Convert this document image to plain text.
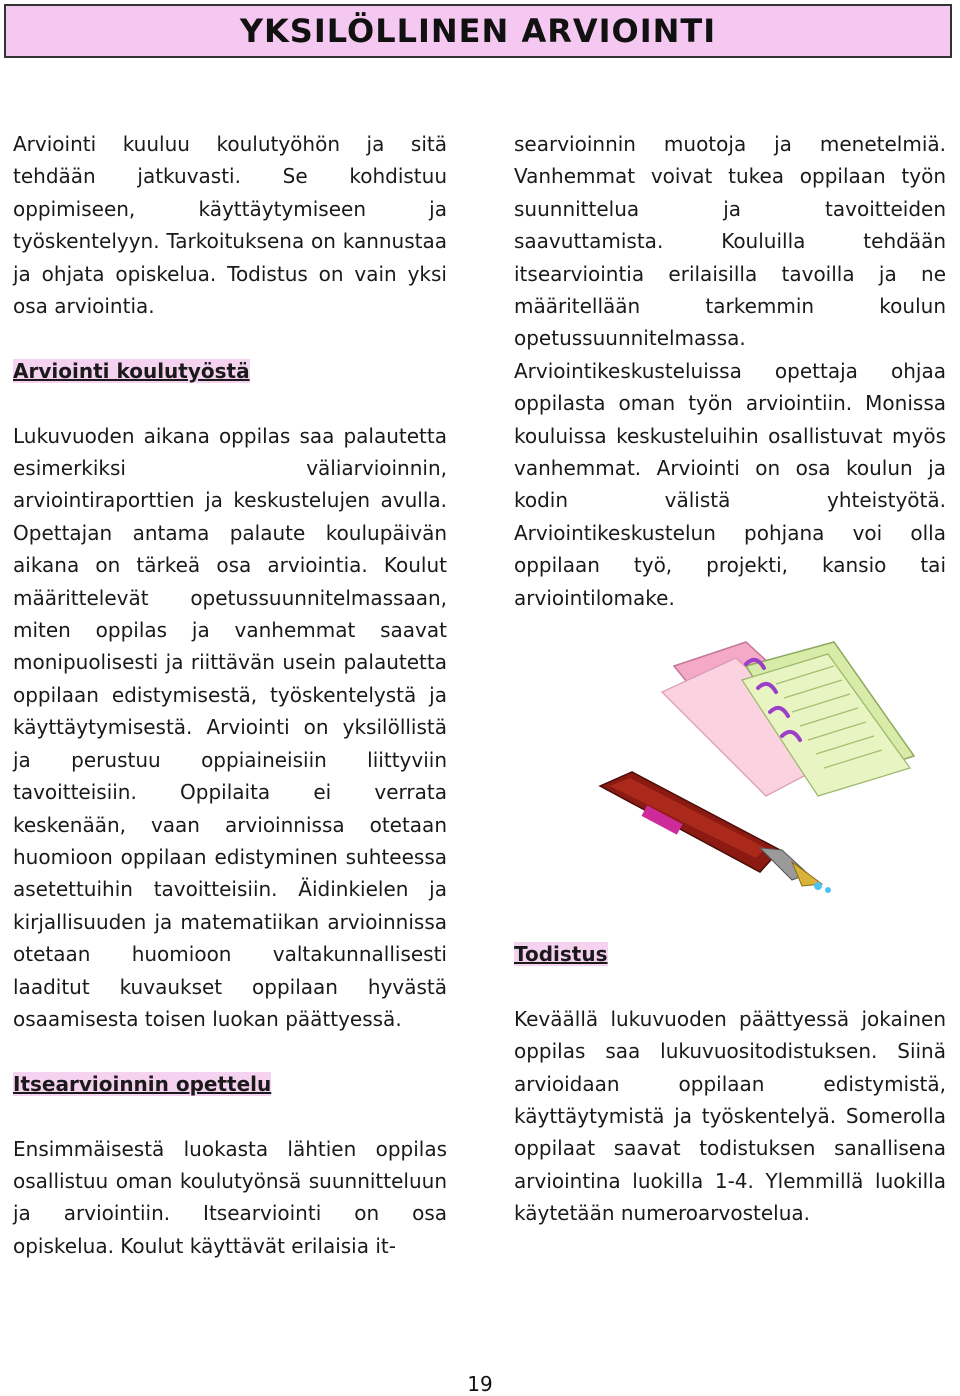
YKSILÖLLINEN ARVIOINTI

Arviointi kuuluu koulutyöhön ja sitä tehdään jatkuvasti. Se kohdistuu oppimiseen, käyttäytymiseen ja työskentelyyn. Tarkoituksena on kannustaa ja ohjata opiskelua. Todistus on vain yksi osa arviointia.

Arviointi koulutyöstä

Lukuvuoden aikana oppilas saa palautetta esimerkiksi väliarvioinnin, arviointiraporttien ja keskustelujen avulla. Opettajan antama palaute koulupäivän aikana on tärkeä osa arviointia. Koulut määrittelevät opetussuunnitelmassaan, miten oppilas ja vanhemmat saavat monipuolisesti ja riittävän usein palautetta oppilaan edistymisestä, työskentelystä ja käyttäytymisestä. Arviointi on yksilöllistä ja perustuu oppiaineisiin liittyviin tavoitteisiin. Oppilaita ei verrata keskenään, vaan arvioinnissa otetaan huomioon oppilaan edistyminen suhteessa asetettuihin tavoitteisiin. Äidinkielen ja kirjallisuuden ja matematiikan arvioinnissa otetaan huomioon valtakunnallisesti laaditut kuvaukset oppilaan hyvästä osaamisesta toisen luokan päättyessä.

Itsearvioinnin opettelu

Ensimmäisestä luokasta lähtien oppilas osallistuu oman koulutyönsä suunnitteluun ja arviointiin. Itsearviointi on osa opiskelua. Koulut käyttävät erilaisia it-

searvioinnin muotoja ja menetelmiä. Vanhemmat voivat tukea oppilaan työn suunnittelua ja tavoitteiden saavuttamista. Kouluilla tehdään itsearviointia erilaisilla tavoilla ja ne määritellään tarkemmin koulun opetussuunnitelmassa. Arviointikeskusteluissa opettaja ohjaa oppilasta oman työn arviointiin. Monissa kouluissa keskusteluihin osallistuvat myös vanhemmat. Arviointi on osa koulun ja kodin välistä yhteistyötä. Arviointikeskustelun pohjana voi olla oppilaan työ, projekti, kansio tai arviointilomake.

Todistus

Keväällä lukuvuoden päättyessä jokainen oppilas saa lukuvuositodistuksen. Siinä arvioidaan oppilaan edistymistä, käyttäytymistä ja työskentelyä. Somerolla oppilaat saavat todistuksen sanallisena arviointina luokilla 1-4. Ylemmillä luokilla käytetään numeroarvostelua.

19
